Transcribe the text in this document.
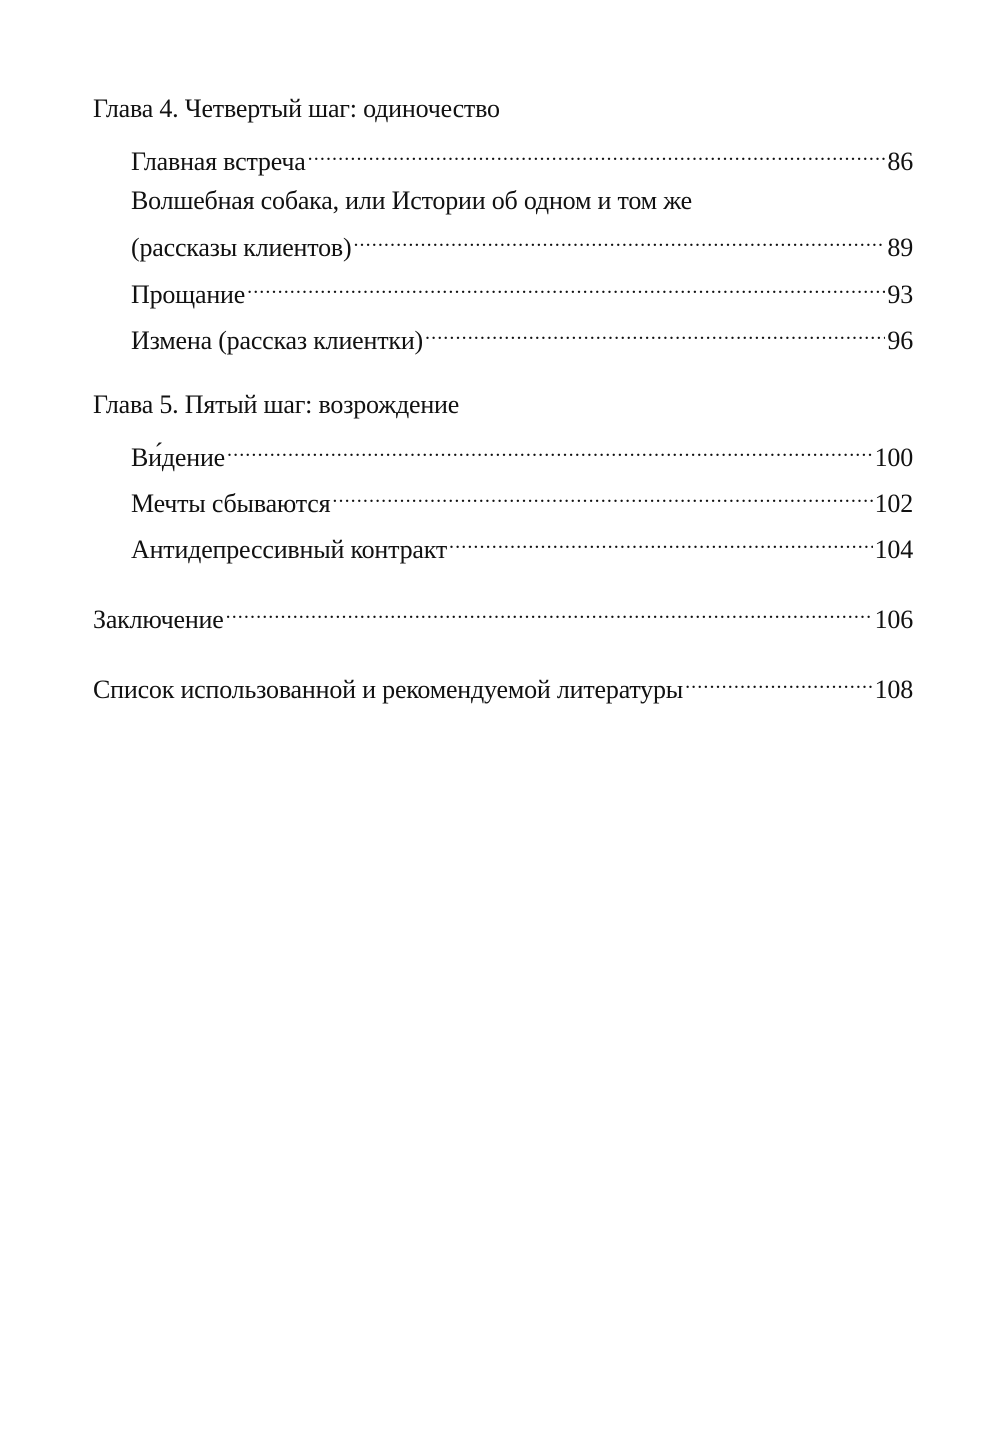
Глава 4. Четвертый шаг: одиночество
Главная встреча .....	86
Волшебная собака, или Истории об одном и том же
(рассказы клиентов) .....	89
Прощание .....	93
Измена (рассказ клиентки) .....	96
Глава 5. Пятый шаг: возрождение
Ви́дение .....	100
Мечты сбываются .....	102
Антидепрессивный контракт .....	104
Заключение .....	106
Список использованной и рекомендуемой литературы .....	108
